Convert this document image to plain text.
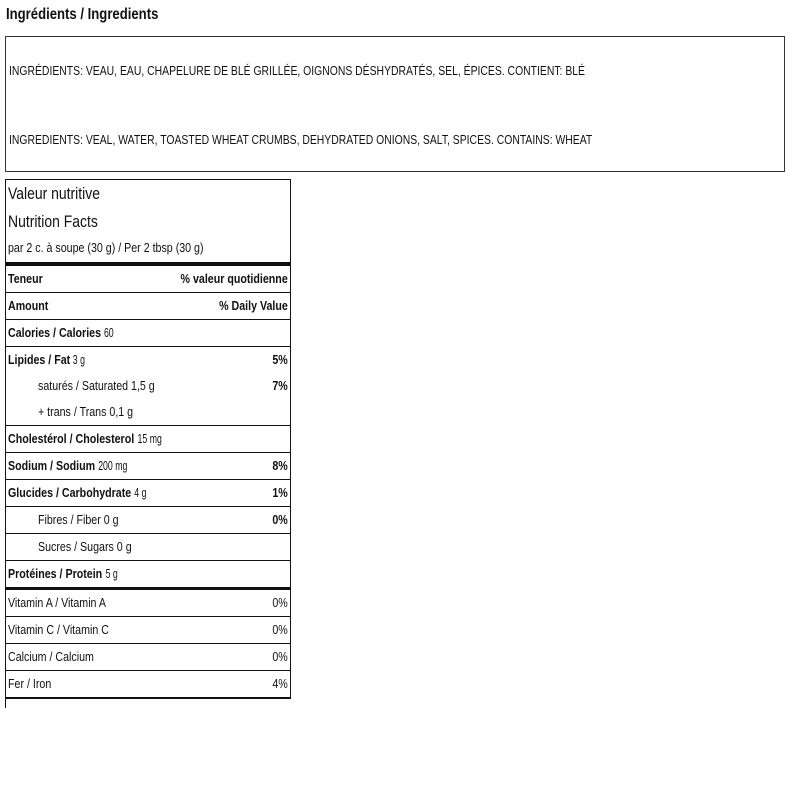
Ingrédients / Ingredients
INGRÉDIENTS: VEAU, EAU, CHAPELURE DE BLÉ GRILLÉE, OIGNONS DÉSHYDRATÉS, SEL, ÉPICES. CONTIENT: BLÉ
INGREDIENTS: VEAL, WATER, TOASTED WHEAT CRUMBS, DEHYDRATED ONIONS, SALT, SPICES. CONTAINS: WHEAT
Valeur nutritive
Nutrition Facts
par 2 c. à soupe (30 g) / Per 2 tbsp (30 g)
Teneur	% valeur quotidienne
Amount	% Daily Value
Calories / Calories 60
Lipides / Fat 3 g	5%
saturés / Saturated 1,5 g	7%
+ trans / Trans 0,1 g
Cholestérol / Cholesterol 15 mg
Sodium / Sodium 200 mg	8%
Glucides / Carbohydrate 4 g	1%
Fibres / Fiber 0 g	0%
Sucres / Sugars 0 g
Protéines / Protein 5 g
Vitamin A / Vitamin A	0%
Vitamin C / Vitamin C	0%
Calcium / Calcium	0%
Fer / Iron	4%
